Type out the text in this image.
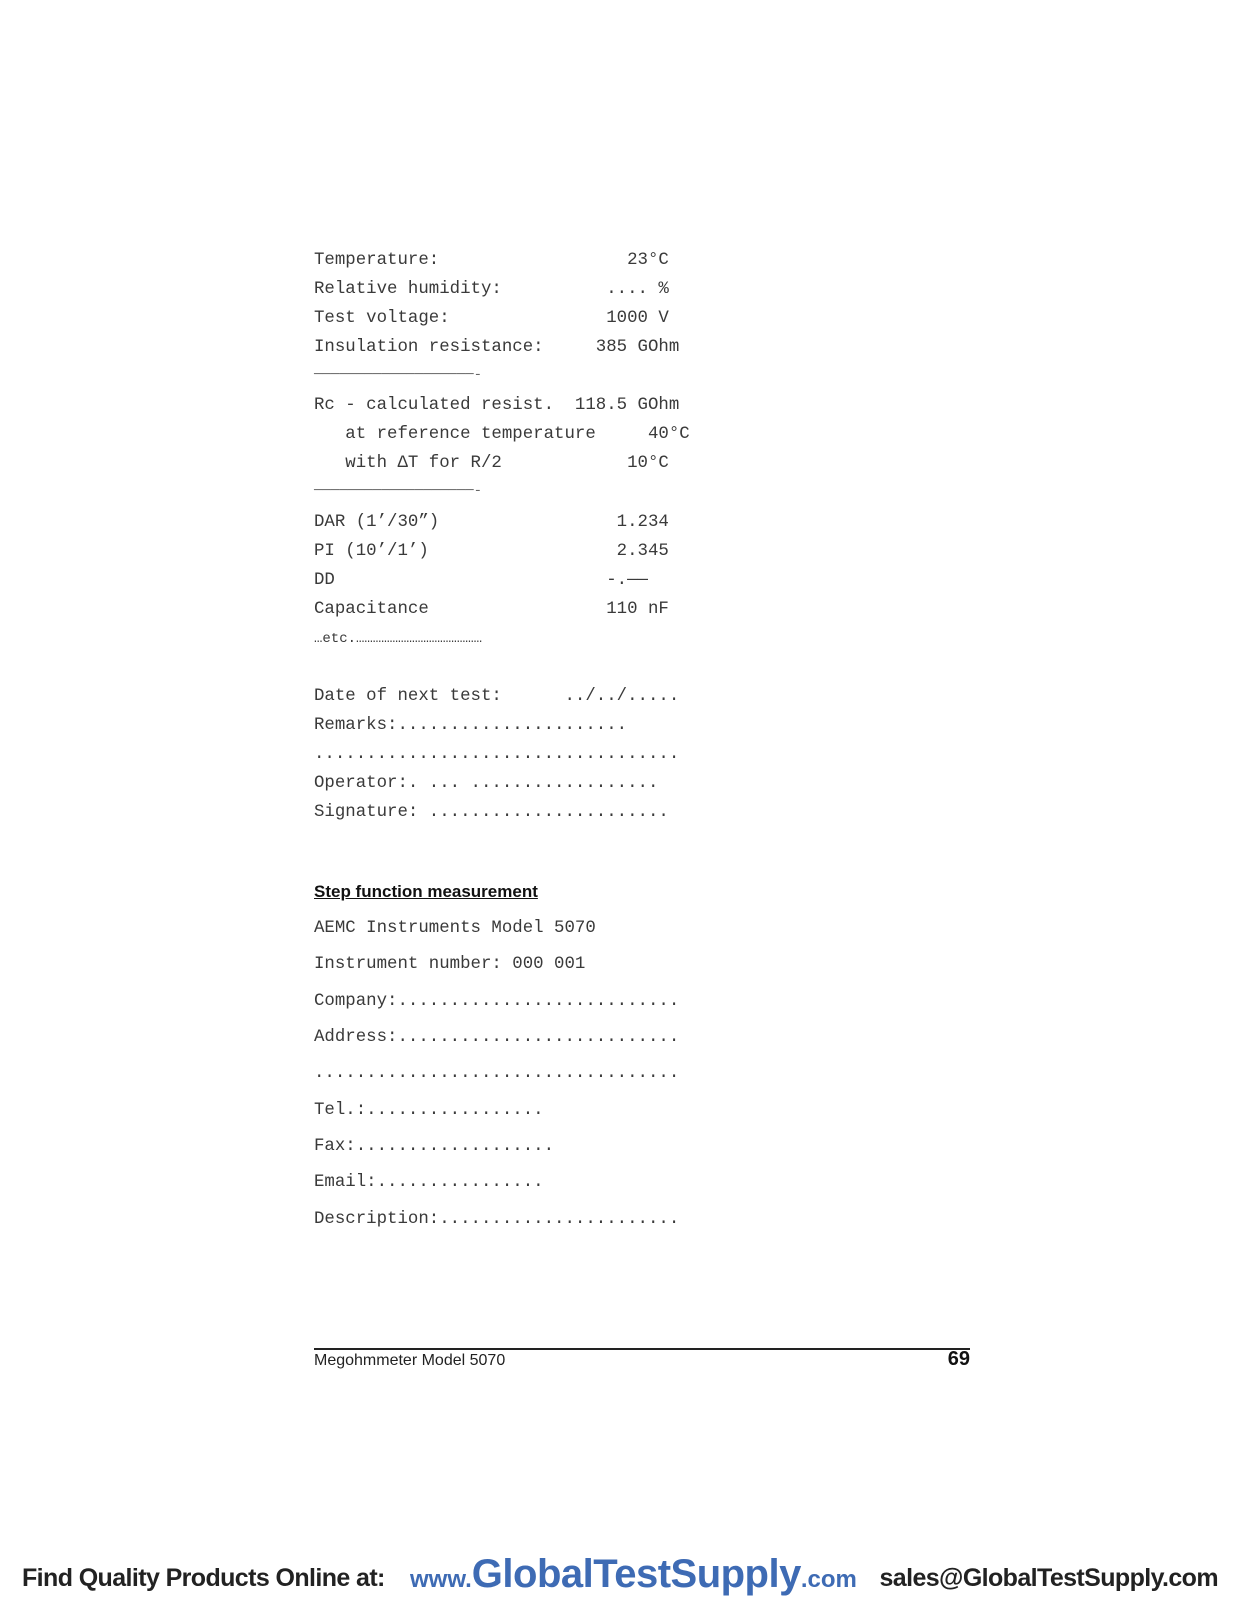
Temperature:                  23°C
Relative humidity:          .... %
Test voltage:               1000 V
Insulation resistance:     385 GOhm
───────────────────-
Rc - calculated resist.  118.5 GOhm
at reference temperature     40°C
with ΔT for R/2            10°C
───────────────────-
DAR (1’/30”)                 1.234
PI (10’/1’)                  2.345
DD                          -.——
Capacitance                 110 nF
…etc.………………………………………
Date of next test:      ../../.....
Remarks:......................
...................................
Operator:. ... ..................
Signature: .......................
Step function measurement
AEMC Instruments Model 5070
Instrument number: 000 001
Company:...........................
Address:...........................
...................................
Tel.:.................
Fax:...................
Email:................
Description:.......................
Megohmmeter Model 5070	69
Find Quality Products Online at: www.GlobalTestSupply.com sales@GlobalTestSupply.com
